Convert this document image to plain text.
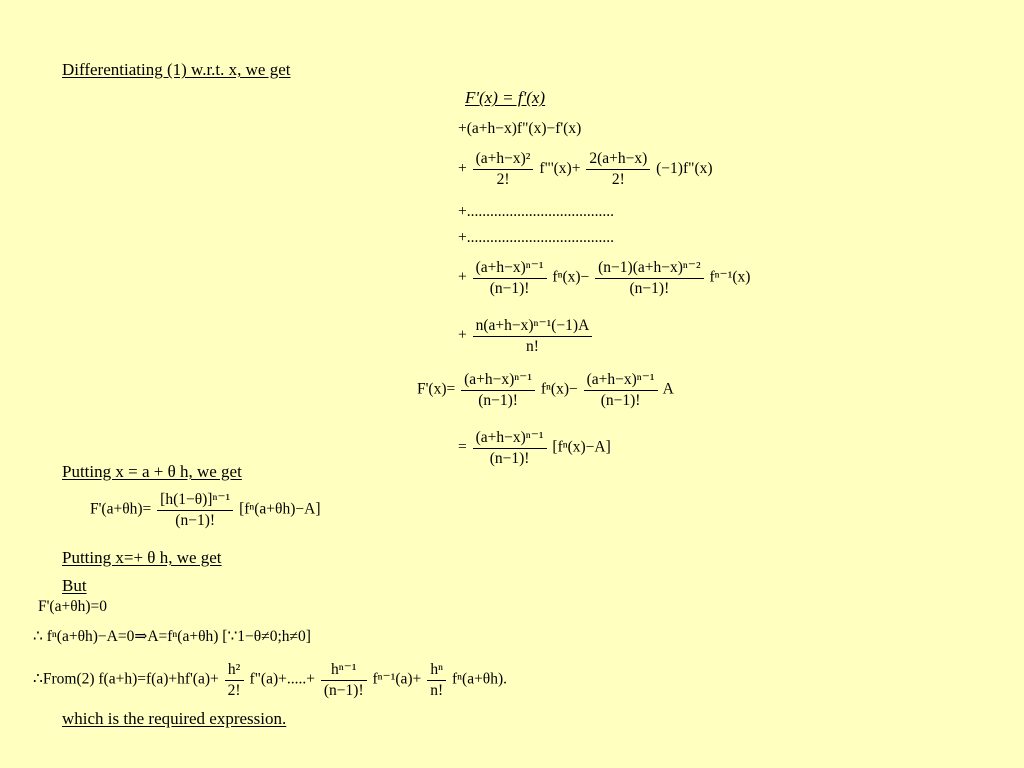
Differentiating (1) w.r.t. x, we get
F'(x) = f'(x)
+(a+h−x)f"(x)−f'(x)
+ $\frac{\text{(a+h−x)²}}{2!}$ f"'(x)+ $\frac{2(a+h-x)}{2!}$ (−1)f"(x)
+......................................
+......................................
+ $\frac{\text{(a+h−x)ⁿ⁻¹}}{(n-1)!} f^n(x)- \frac{\text{(n−1)(a+h−x)ⁿ⁻²}}{(n-1)!} f^{n-1}(x)$
+ $\frac{\text{n(a+h−x)ⁿ⁻¹(−1)A}}{n!}$
$F'(x)= \frac{\text{(a+h−x)ⁿ⁻¹}}{(n-1)!} f^n(x)- \frac{\text{(a+h−x)ⁿ⁻¹}}{(n-1)!}$ A
= $\frac{\text{(a+h−x)ⁿ⁻¹}}{(n-1)!} [f^n(x)-A]$
Putting x = a + θ h, we get
$F'(a+\theta h)= \frac{\text{[h(1−θ)]ⁿ⁻¹}}{(n-1)!} [f^n(a+\theta h)-A]$
Putting x=+ θ h, we get
But
F'(a+θh)=0
∴ fⁿ(a+θh)−A=0⇒A=fⁿ(a+θh) [∵1−θ≠0;h≠0]
∴From(2) $f(a+h)=f(a)+hf'(a)+ \frac{\text{h²}}{2!}$ f"(a)+.....+ $\frac{\text{hⁿ⁻¹}}{(n-1)!} f^{n-1}(a)+ \frac{\text{hⁿ}}{n!} f^n(a+\theta h)$.
which is the required expression.
